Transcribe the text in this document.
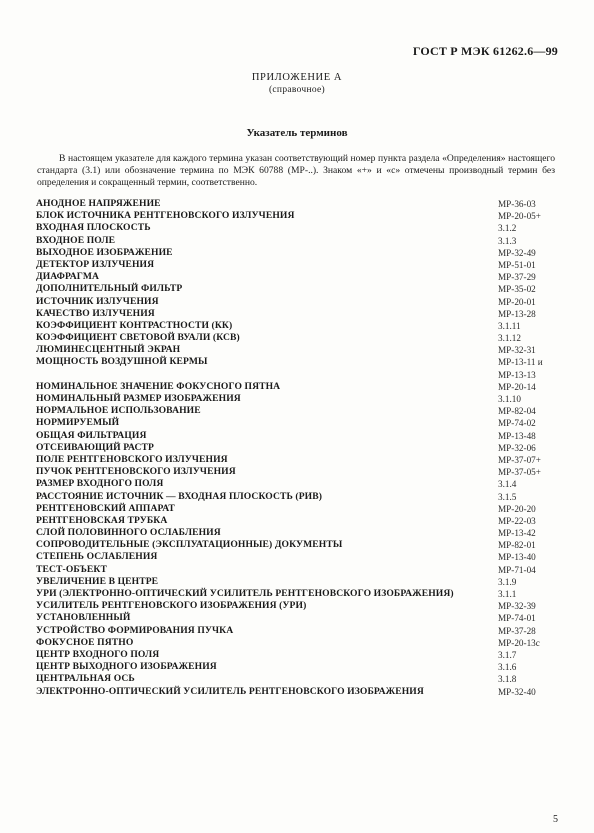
ГОСТ Р МЭК 61262.6—99
ПРИЛОЖЕНИЕ А
(справочное)
Указатель терминов
В настоящем указателе для каждого термина указан соответствующий номер пункта раздела «Определения» настоящего стандарта (3.1) или обозначение термина по МЭК 60788 (МР-..). Знаком «+» и «с» отмечены производный термин без определения и сокращенный термин, соответственно.
АНОДНОЕ НАПРЯЖЕНИЕ	МР-36-03
БЛОК ИСТОЧНИКА РЕНТГЕНОВСКОГО ИЗЛУЧЕНИЯ	МР-20-05+
ВХОДНАЯ ПЛОСКОСТЬ	3.1.2
ВХОДНОЕ ПОЛЕ	3.1.3
ВЫХОДНОЕ ИЗОБРАЖЕНИЕ	МР-32-49
ДЕТЕКТОР ИЗЛУЧЕНИЯ	МР-51-01
ДИАФРАГМА	МР-37-29
ДОПОЛНИТЕЛЬНЫЙ ФИЛЬТР	МР-35-02
ИСТОЧНИК ИЗЛУЧЕНИЯ	МР-20-01
КАЧЕСТВО ИЗЛУЧЕНИЯ	МР-13-28
КОЭФФИЦИЕНТ КОНТРАСТНОСТИ (КК)	3.1.11
КОЭФФИЦИЕНТ СВЕТОВОЙ ВУАЛИ (КСВ)	3.1.12
ЛЮМИНЕСЦЕНТНЫЙ ЭКРАН	МР-32-31
МОЩНОСТЬ ВОЗДУШНОЙ КЕРМЫ	МР-13-11 и
МР-13-13
НОМИНАЛЬНОЕ ЗНАЧЕНИЕ ФОКУСНОГО ПЯТНА	МР-20-14
НОМИНАЛЬНЫЙ РАЗМЕР ИЗОБРАЖЕНИЯ	3.1.10
НОРМАЛЬНОЕ ИСПОЛЬЗОВАНИЕ	МР-82-04
НОРМИРУЕМЫЙ	МР-74-02
ОБЩАЯ ФИЛЬТРАЦИЯ	МР-13-48
ОТСЕИВАЮЩИЙ РАСТР	МР-32-06
ПОЛЕ РЕНТГЕНОВСКОГО ИЗЛУЧЕНИЯ	МР-37-07+
ПУЧОК РЕНТГЕНОВСКОГО ИЗЛУЧЕНИЯ	МР-37-05+
РАЗМЕР ВХОДНОГО ПОЛЯ	3.1.4
РАССТОЯНИЕ ИСТОЧНИК — ВХОДНАЯ ПЛОСКОСТЬ (РИВ)	3.1.5
РЕНТГЕНОВСКИЙ АППАРАТ	МР-20-20
РЕНТГЕНОВСКАЯ ТРУБКА	МР-22-03
СЛОЙ ПОЛОВИННОГО ОСЛАБЛЕНИЯ	МР-13-42
СОПРОВОДИТЕЛЬНЫЕ (ЭКСПЛУАТАЦИОННЫЕ) ДОКУМЕНТЫ	МР-82-01
СТЕПЕНЬ ОСЛАБЛЕНИЯ	МР-13-40
ТЕСТ-ОБЪЕКТ	МР-71-04
УВЕЛИЧЕНИЕ В ЦЕНТРЕ	3.1.9
УРИ (ЭЛЕКТРОННО-ОПТИЧЕСКИЙ УСИЛИТЕЛЬ РЕНТГЕНОВСКОГО ИЗОБРАЖЕНИЯ)	3.1.1
УСИЛИТЕЛЬ РЕНТГЕНОВСКОГО ИЗОБРАЖЕНИЯ (УРИ)	МР-32-39
УСТАНОВЛЕННЫЙ	МР-74-01
УСТРОЙСТВО ФОРМИРОВАНИЯ ПУЧКА	МР-37-28
ФОКУСНОЕ ПЯТНО	МР-20-13с
ЦЕНТР ВХОДНОГО ПОЛЯ	3.1.7
ЦЕНТР ВЫХОДНОГО ИЗОБРАЖЕНИЯ	3.1.6
ЦЕНТРАЛЬНАЯ ОСЬ	3.1.8
ЭЛЕКТРОННО-ОПТИЧЕСКИЙ УСИЛИТЕЛЬ РЕНТГЕНОВСКОГО ИЗОБРАЖЕНИЯ	МР-32-40
5
